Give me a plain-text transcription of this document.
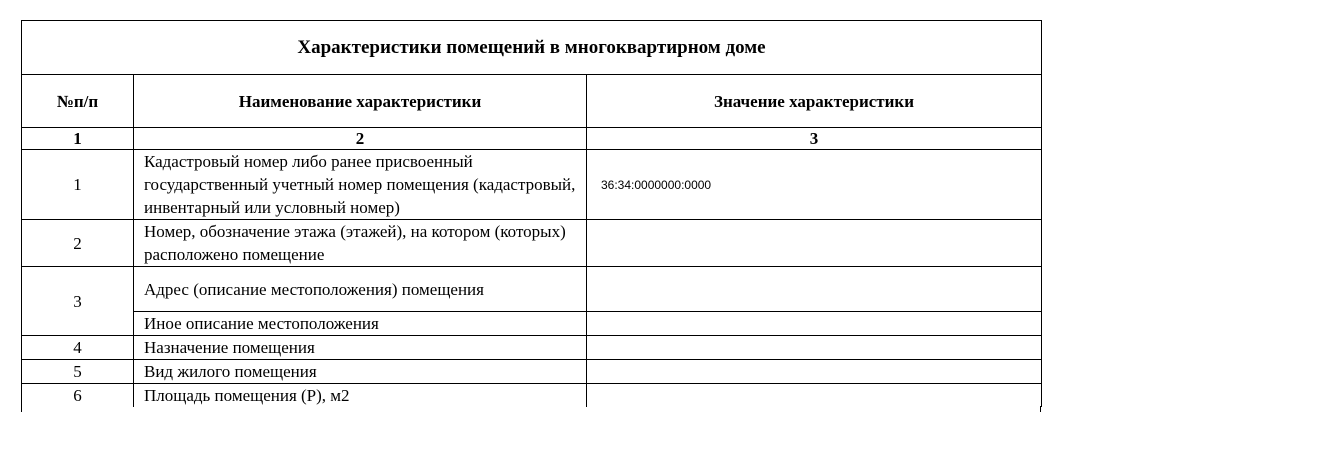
Характеристики помещений в многоквартирном доме		
№п/п	Наименование характеристики	Значение характеристики
1	2	3
1	Кадастровый номер либо ранее присвоенный государственный учетный номер помещения (кадастровый, инвентарный или условный номер)	36:34:0000000:0000
2	Номер, обозначение этажа (этажей), на котором (которых) расположено помещение	
3	Адрес (описание местоположения) помещения	
	Иное описание местоположения	
4	Назначение помещения	
5	Вид жилого помещения	
6	Площадь помещения (Р), м2	
